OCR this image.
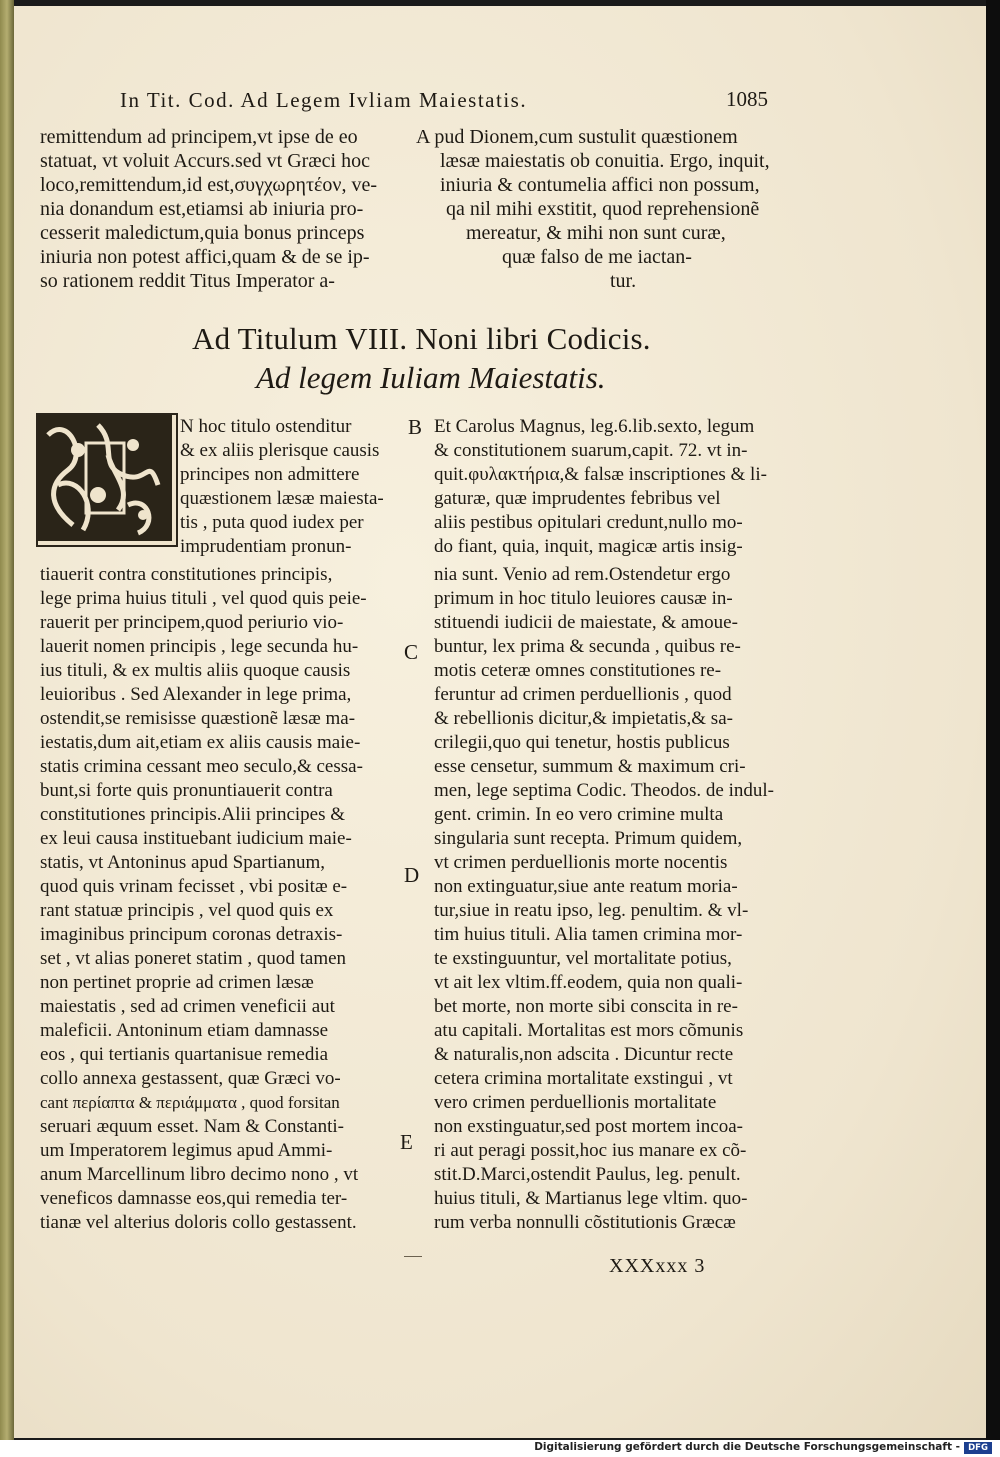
In Tit. Cod. Ad Legem Ivliam Maiestatis.	1085
remittendum ad principem,vt ipse de eo
statuat, vt voluit Accurs.sed vt Græci hoc
loco,remittendum,id est,συγχωρητέον, ve-
nia donandum est,etiamsi ab iniuria pro-
cesserit maledictum,quia bonus princeps
iniuria non potest affici,quam & de se ip-
so rationem reddit Titus Imperator a-
A pud Dionem,cum sustulit quæstionem
læsæ maiestatis ob conuitia. Ergo, inquit,
iniuria & contumelia affici non possum,
qa nil mihi exstitit, quod reprehensionẽ
mereatur, & mihi non sunt curæ,
quæ falso de me iactan-
tur.
Ad Titulum VIII. Noni libri Codicis.
Ad legem Iuliam Maiestatis.
N hoc titulo ostenditur
& ex aliis plerisque causis
principes non admittere
quæstionem læsæ maiesta-
tis , puta quod iudex per
imprudentiam pronun-
tiauerit contra constitutiones principis,
lege prima huius tituli , vel quod quis peie-
rauerit per principem,quod periurio vio-
lauerit nomen principis , lege secunda hu-
ius tituli, & ex multis aliis quoque causis
leuioribus . Sed Alexander in lege prima,
ostendit,se remisisse quæstionẽ læsæ ma-
iestatis,dum ait,etiam ex aliis causis maie-
statis crimina cessant meo seculo,& cessa-
bunt,si forte quis pronuntiauerit contra
constitutiones principis.Alii principes &
ex leui causa instituebant iudicium maie-
statis, vt Antoninus apud Spartianum,
quod quis vrinam fecisset , vbi positæ e-
rant statuæ principis , vel quod quis ex
imaginibus principum coronas detraxis-
set , vt alias poneret statim , quod tamen
non pertinet proprie ad crimen læsæ
maiestatis , sed ad crimen veneficii aut
maleficii. Antoninum etiam damnasse
eos , qui tertianis quartanisue remedia
collo annexa gestassent, quæ Græci vo-
cant περίαπτα & περιάμματα , quod forsitan
seruari æquum esset. Nam & Constanti-
um Imperatorem legimus apud Ammi-
anum Marcellinum libro decimo nono , vt
veneficos damnasse eos,qui remedia ter-
tianæ vel alterius doloris collo gestassent.
B
C
D
E
Et Carolus Magnus, leg.6.lib.sexto, legum
& constitutionem suarum,capit. 72. vt in-
quit.φυλακτήρια,& falsæ inscriptiones & li-
gaturæ, quæ imprudentes febribus vel
aliis pestibus opitulari credunt,nullo mo-
do fiant, quia, inquit, magicæ artis insig-
nia sunt. Venio ad rem.Ostendetur ergo
primum in hoc titulo leuiores causæ in-
stituendi iudicii de maiestate, & amoue-
buntur, lex prima & secunda , quibus re-
motis ceteræ omnes constitutiones re-
feruntur ad crimen perduellionis , quod
& rebellionis dicitur,& impietatis,& sa-
crilegii,quo qui tenetur, hostis publicus
esse censetur, summum & maximum cri-
men, lege septima Codic. Theodos. de indul-
gent. crimin. In eo vero crimine multa
singularia sunt recepta. Primum quidem,
vt crimen perduellionis morte nocentis
non extinguatur,siue ante reatum moria-
tur,siue in reatu ipso, leg. penultim. & vl-
tim huius tituli. Alia tamen crimina mor-
te exstinguuntur, vel mortalitate potius,
vt ait lex vltim.ff.eodem, quia non quali-
bet morte, non morte sibi conscita in re-
atu capitali. Mortalitas est mors cõmunis
& naturalis,non adscita . Dicuntur recte
cetera crimina mortalitate exstingui , vt
vero crimen perduellionis mortalitate
non exstinguatur,sed post mortem incoa-
ri aut peragi possit,hoc ius manare ex cõ-
stit.D.Marci,ostendit Paulus, leg. penult.
huius tituli, & Martianus lege vltim. quo-
rum verba nonnulli cõstitutionis Græcæ
XXXxxx 3
Digitalisierung gefördert durch die Deutsche Forschungsgemeinschaft - DFG
